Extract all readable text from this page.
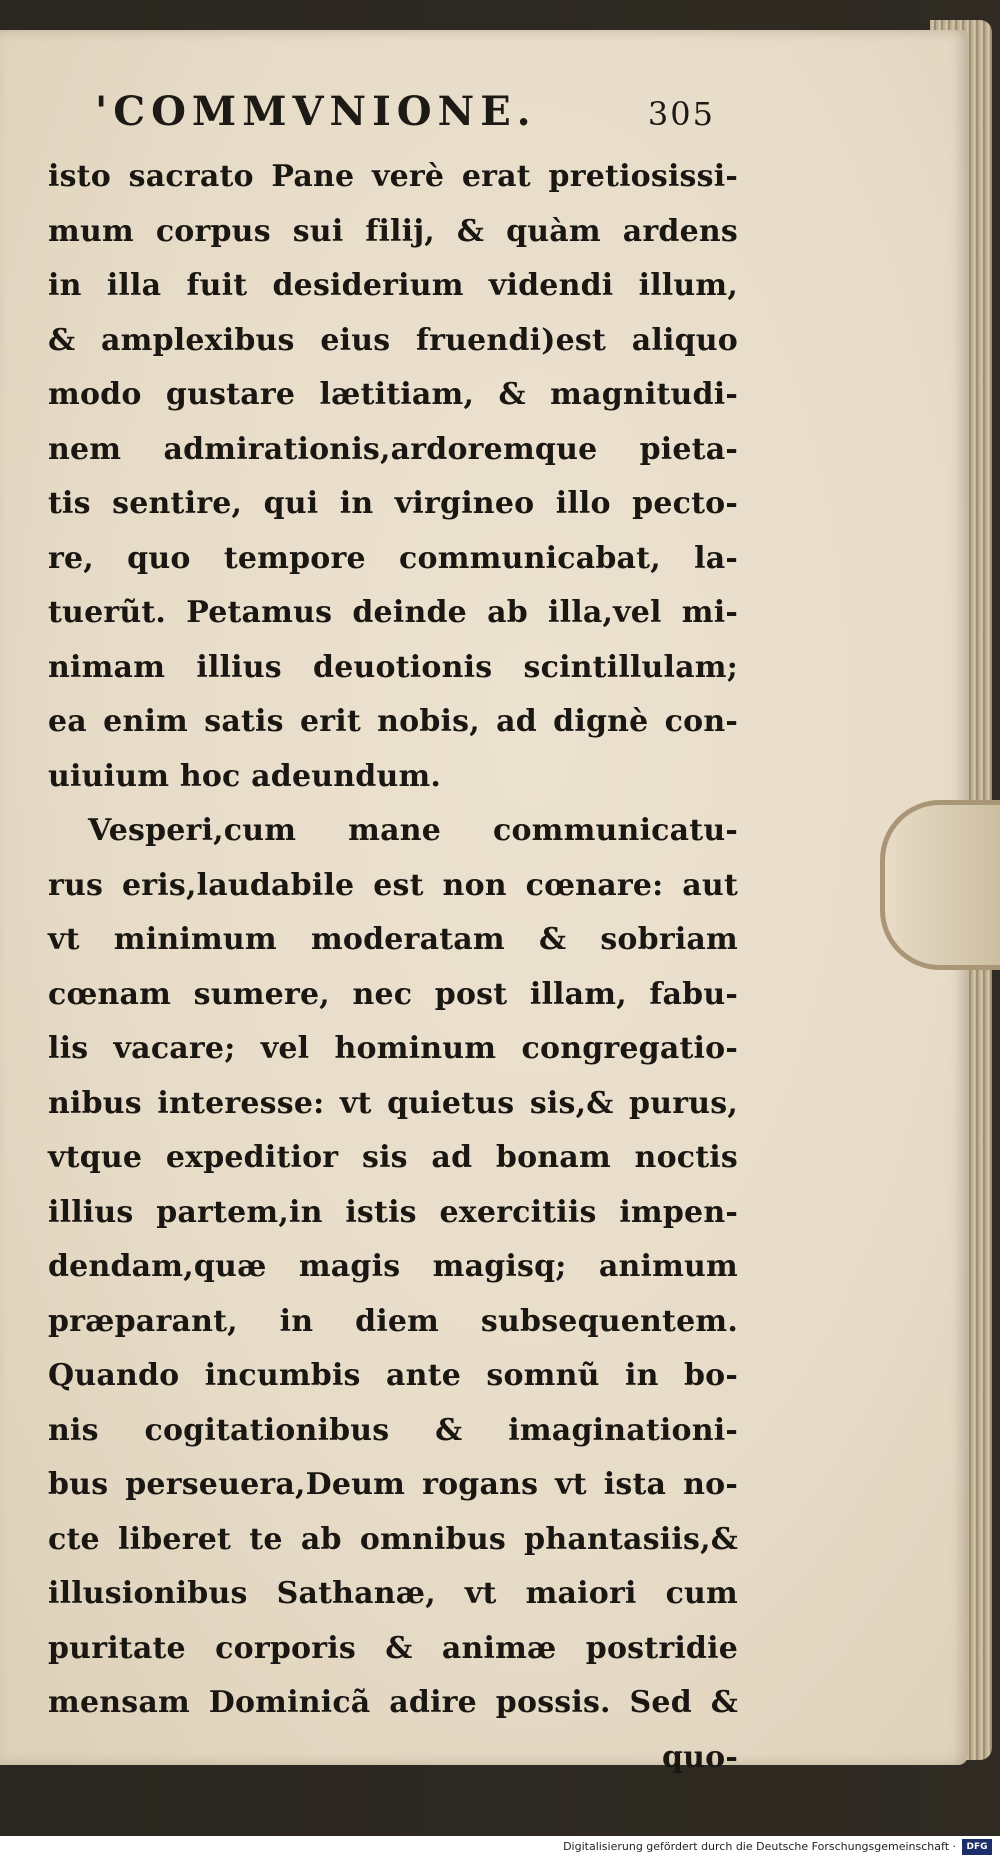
'COMMVNIONE.	305
isto sacrato Pane verè erat pretiosissi-
mum corpus sui filij, & quàm ardens
in illa fuit desiderium videndi illum,
& amplexibus eius fruendi)est aliquo
modo gustare lætitiam, & magnitudi-
nem admirationis,ardoremque pieta-
tis sentire, qui in virgineo illo pecto-
re, quo tempore communicabat, la-
tuerũt. Petamus deinde ab illa,vel mi-
nimam illius deuotionis scintillulam;
ea enim satis erit nobis, ad dignè con-
uiuium hoc adeundum.
Vesperi,cum mane communicatu-
rus eris,laudabile est non cœnare: aut
vt minimum moderatam & sobriam
cœnam sumere, nec post illam, fabu-
lis vacare; vel hominum congregatio-
nibus interesse: vt quietus sis,& purus,
vtque expeditior sis ad bonam noctis
illius partem,in istis exercitiis impen-
dendam,quæ magis magisq; animum
præparant, in diem subsequentem.
Quando incumbis ante somnũ in bo-
nis cogitationibus & imaginationi-
bus perseuera,Deum rogans vt ista no-
cte liberet te ab omnibus phantasiis,&
illusionibus Sathanæ, vt maiori cum
puritate corporis & animæ postridie
mensam Dominicã adire possis. Sed &
quo-
Digitalisierung gefördert durch die Deutsche Forschungsgemeinschaft ·	DFG
